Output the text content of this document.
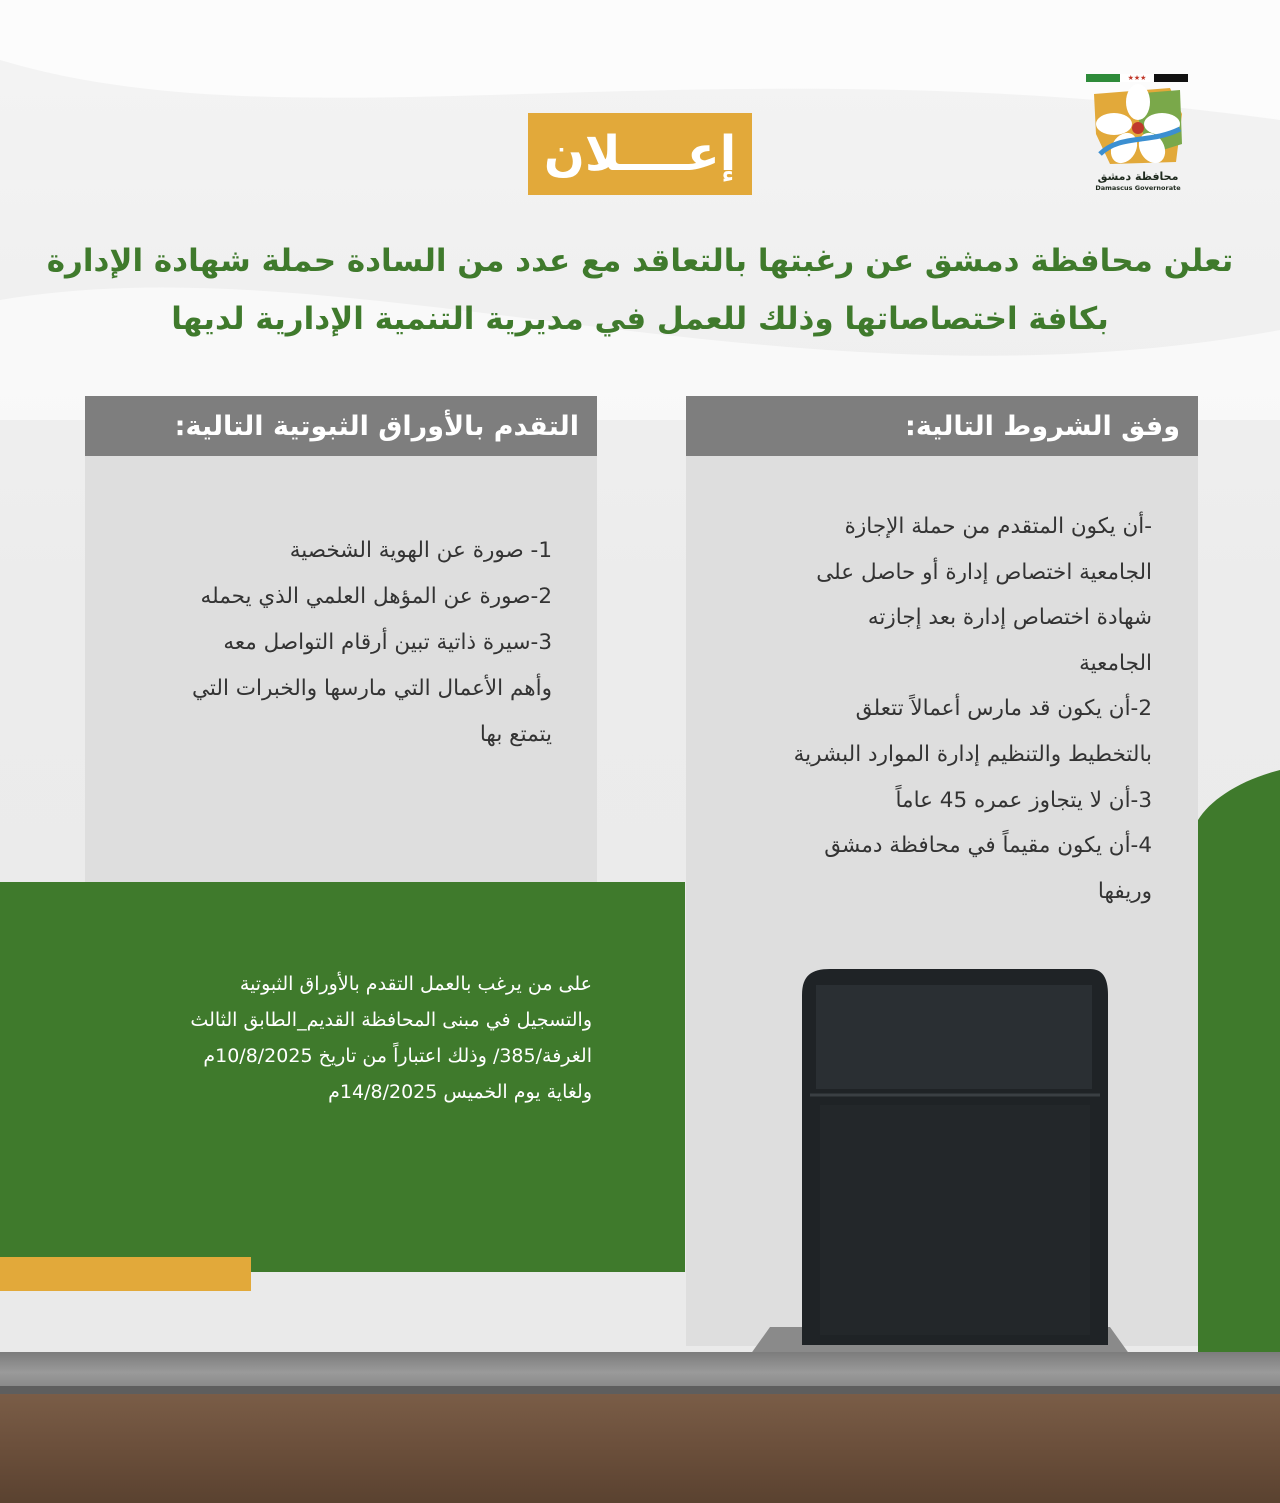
★★★
محافظة دمشق
Damascus Governorate
إعــــلان

تعلن محافظة دمشق عن رغبتها بالتعاقد مع عدد من السادة حملة شهادة الإدارة

بكافة اختصاصاتها وذلك للعمل في مديرية التنمية الإدارية لديها

وفق الشروط التالية:
التقدم بالأوراق الثبوتية التالية:
-أن يكون المتقدم من حملة الإجازة
الجامعية اختصاص إدارة أو حاصل على
شهادة اختصاص إدارة بعد إجازته
الجامعية
2-أن يكون قد مارس أعمالاً تتعلق
بالتخطيط والتنظيم إدارة الموارد البشرية
3-أن لا يتجاوز عمره 45 عاماً
4-أن يكون مقيماً في محافظة دمشق
وريفها
1- صورة عن الهوية الشخصية
2-صورة عن المؤهل العلمي الذي يحمله
3-سيرة ذاتية تبين أرقام التواصل معه
وأهم الأعمال التي مارسها والخبرات التي
يتمتع بها
على من يرغب بالعمل التقدم بالأوراق الثبوتية
والتسجيل في مبنى المحافظة القديم_الطابق الثالث
الغرفة/385/ وذلك اعتباراً من تاريخ 10/8/2025م
ولغاية يوم الخميس 14/8/2025م
